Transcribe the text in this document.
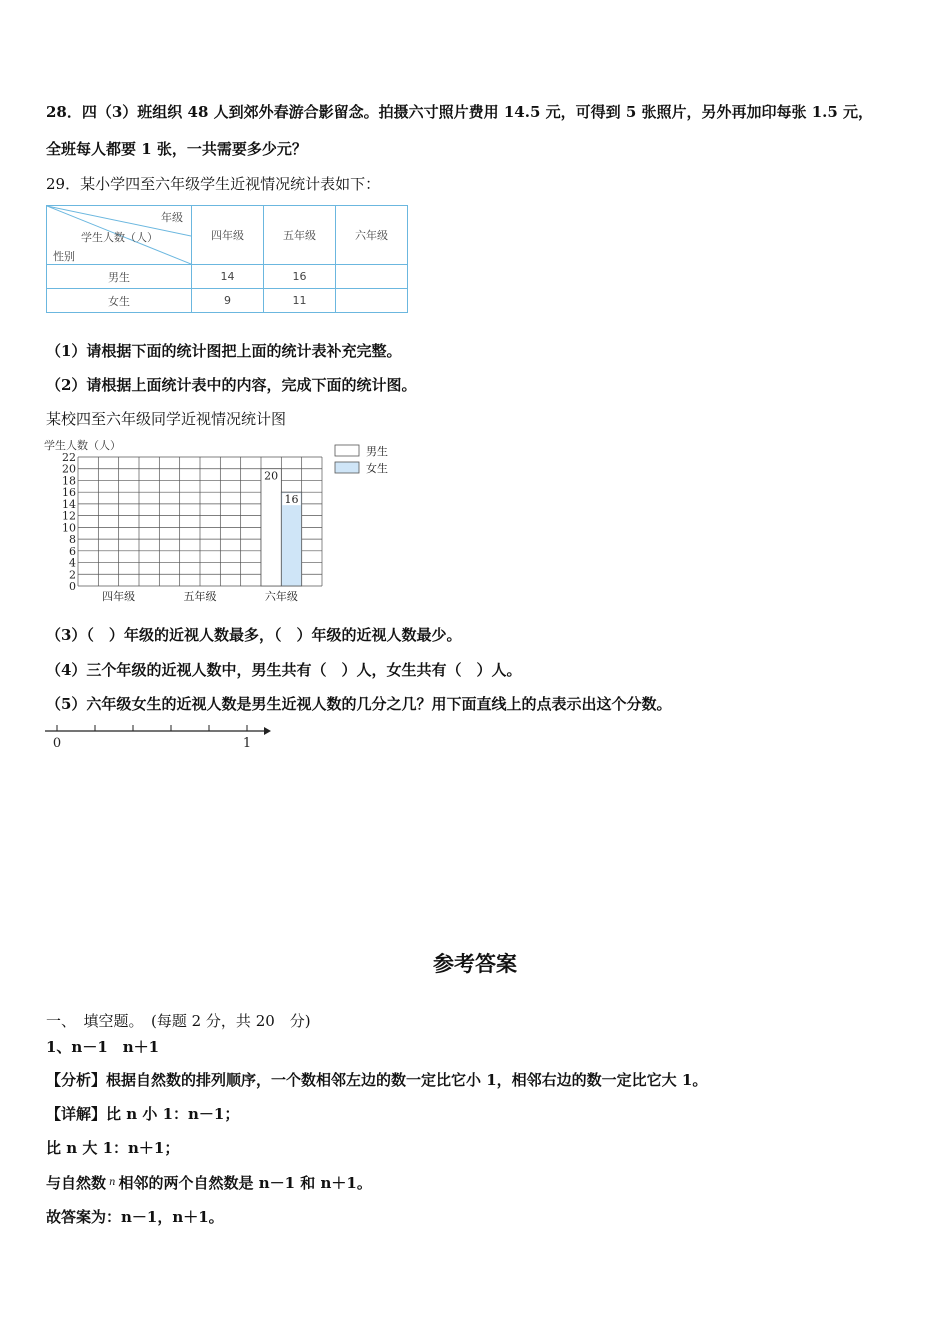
28．四（3）班组织 48 人到郊外春游合影留念。拍摄六寸照片费用 14.5 元，可得到 5 张照片，另外再加印每张 1.5 元，
全班每人都要 1 张，一共需要多少元？
29．某小学四至六年级学生近视情况统计表如下：
年级
学生人数（人）
性别	四年级	五年级	六年级
男生	14	16	
女生	9	11	
（1）请根据下面的统计图把上面的统计表补充完整。
（2）请根据上面统计表中的内容，完成下面的统计图。
某校四至六年级同学近视情况统计图
学生人数（人）
0
2
4
6
8
10
12
14
16
18
20
22
四年级	五年级
20
16
六年级
男生
女生
（3）（　）年级的近视人数最多，（　）年级的近视人数最少。
（4）三个年级的近视人数中，男生共有（　）人，女生共有（　）人。
（5）六年级女生的近视人数是男生近视人数的几分之几？用下面直线上的点表示出这个分数。
0	1
参考答案
一、　填空题。　(每题 2 分，共 20　分)
1、n－1　n＋1
【分析】根据自然数的排列顺序，一个数相邻左边的数一定比它小 1，相邻右边的数一定比它大 1。
【详解】比 n 小 1：n－1；
比 n 大 1：n＋1；
与自然数 $^n$ 相邻的两个自然数是 n－1 和 n＋1。
故答案为：n－1，n＋1。
